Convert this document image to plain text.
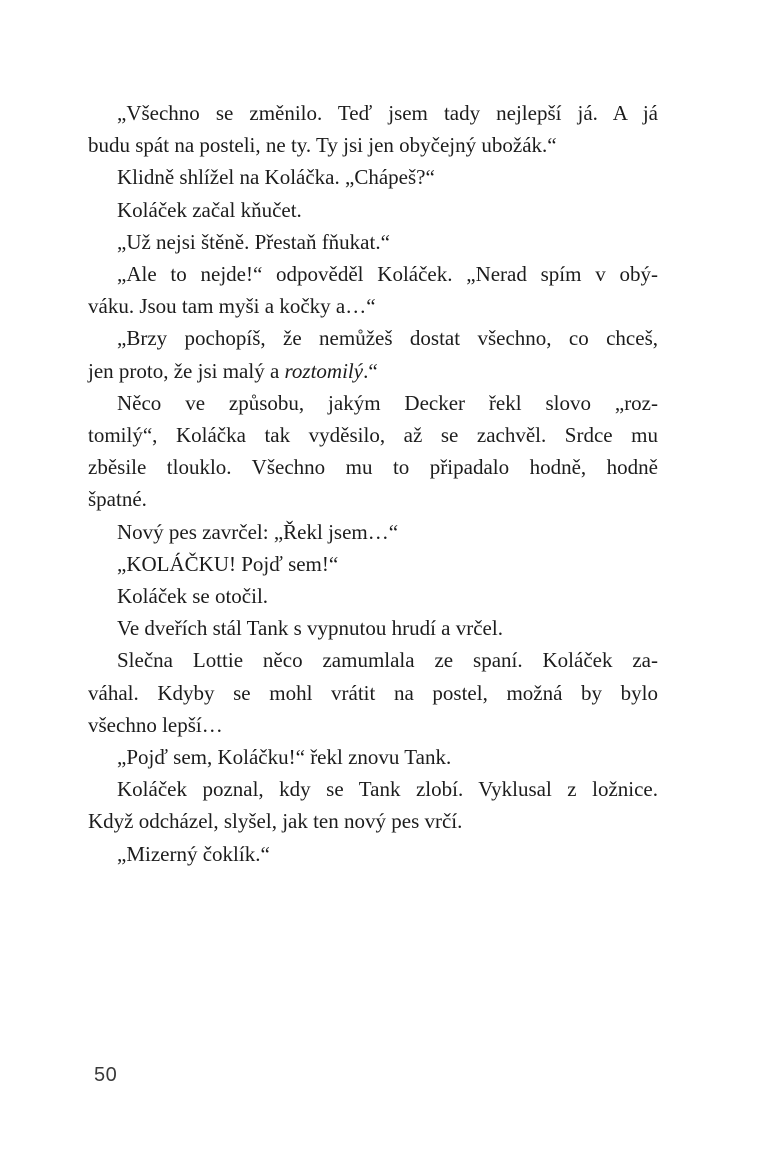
„Všechno se změnilo. Teď jsem tady nejlepší já. A já
budu spát na posteli, ne ty. Ty jsi jen obyčejný ubožák.“
Klidně shlížel na Koláčka. „Chápeš?“
Koláček začal kňučet.
„Už nejsi štěně. Přestaň fňukat.“
„Ale to nejde!“ odpověděl Koláček. „Nerad spím v obý-
váku. Jsou tam myši a kočky a…“
„Brzy pochopíš, že nemůžeš dostat všechno, co chceš,
jen proto, že jsi malý a roztomilý.“
Něco ve způsobu, jakým Decker řekl slovo „roz-
tomilý“, Koláčka tak vyděsilo, až se zachvěl. Srdce mu
zběsile tlouklo. Všechno mu to připadalo hodně, hodně
špatné.
Nový pes zavrčel: „Řekl jsem…“
„KOLÁČKU! Pojď sem!“
Koláček se otočil.
Ve dveřích stál Tank s vypnutou hrudí a vrčel.
Slečna Lottie něco zamumlala ze spaní. Koláček za-
váhal. Kdyby se mohl vrátit na postel, možná by bylo
všechno lepší…
„Pojď sem, Koláčku!“ řekl znovu Tank.
Koláček poznal, kdy se Tank zlobí. Vyklusal z ložnice.
Když odcházel, slyšel, jak ten nový pes vrčí.
„Mizerný čoklík.“
50
